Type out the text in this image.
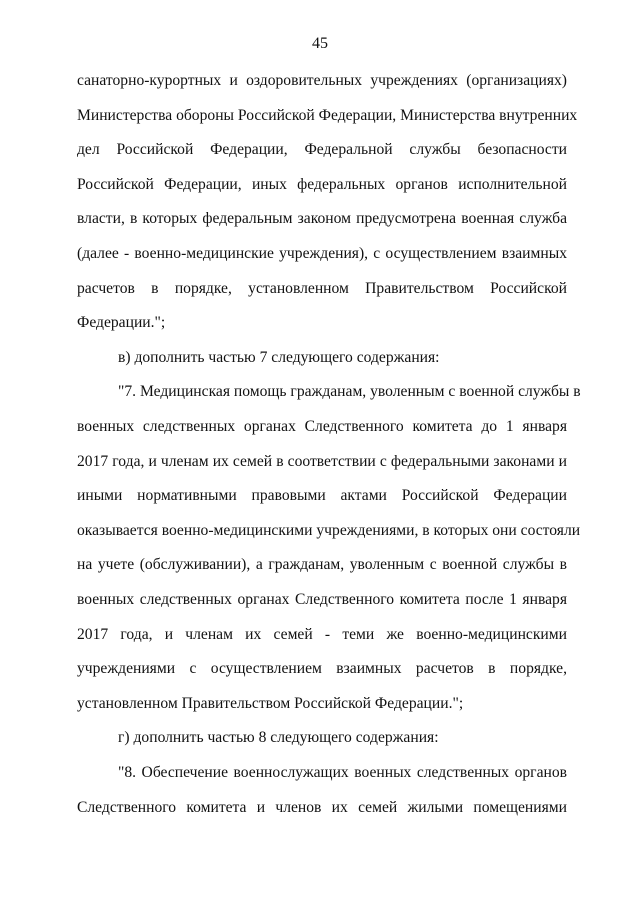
45
санаторно-курортных и оздоровительных учреждениях (организациях)
Министерства обороны Российской Федерации, Министерства внутренних
дел Российской Федерации, Федеральной службы безопасности
Российской Федерации, иных федеральных органов исполнительной
власти, в которых федеральным законом предусмотрена военная служба
(далее - военно-медицинские учреждения), с осуществлением взаимных
расчетов в порядке, установленном Правительством Российской
Федерации.";
в) дополнить частью 7 следующего содержания:
"7. Медицинская помощь гражданам, уволенным с военной службы в
военных следственных органах Следственного комитета до 1 января
2017 года, и членам их семей в соответствии с федеральными законами и
иными нормативными правовыми актами Российской Федерации
оказывается военно-медицинскими учреждениями, в которых они состояли
на учете (обслуживании), а гражданам, уволенным с военной службы в
военных следственных органах Следственного комитета после 1 января
2017 года, и членам их семей - теми же военно-медицинскими
учреждениями с осуществлением взаимных расчетов в порядке,
установленном Правительством Российской Федерации.";
г) дополнить частью 8 следующего содержания:
"8. Обеспечение военнослужащих военных следственных органов
Следственного комитета и членов их семей жилыми помещениями
